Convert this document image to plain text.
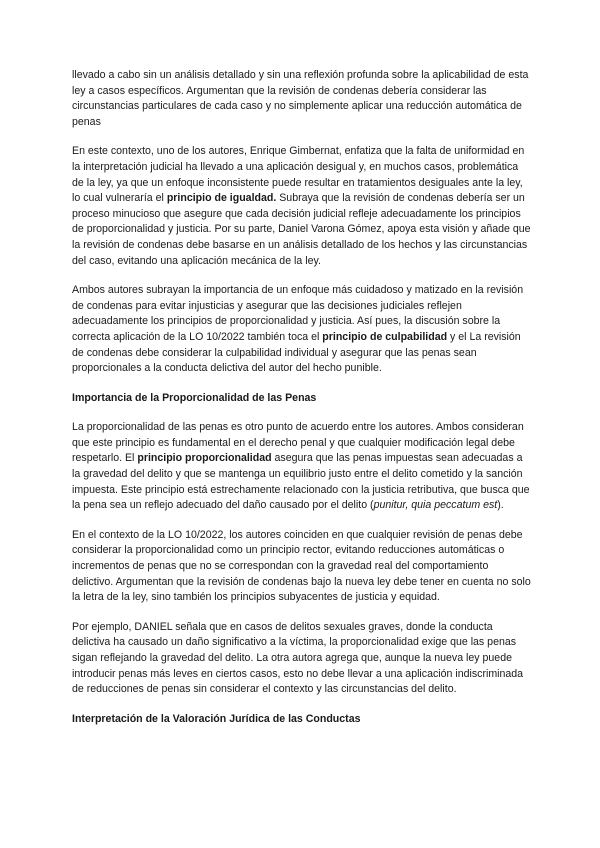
llevado a cabo sin un análisis detallado y sin una reflexión profunda sobre la aplicabilidad de esta ley a casos específicos. Argumentan que la revisión de condenas debería considerar las circunstancias particulares de cada caso y no simplemente aplicar una reducción automática de penas

En este contexto, uno de los autores, Enrique Gimbernat, enfatiza que la falta de uniformidad en la interpretación judicial ha llevado a una aplicación desigual y, en muchos casos, problemática de la ley, ya que un enfoque inconsistente puede resultar en tratamientos desiguales ante la ley, lo cual vulneraría el principio de igualdad. Subraya que la revisión de condenas debería ser un proceso minucioso que asegure que cada decisión judicial refleje adecuadamente los principios de proporcionalidad y justicia. Por su parte, Daniel Varona Gómez, apoya esta visión y añade que la revisión de condenas debe basarse en un análisis detallado de los hechos y las circunstancias del caso, evitando una aplicación mecánica de la ley.

Ambos autores subrayan la importancia de un enfoque más cuidadoso y matizado en la revisión de condenas para evitar injusticias y asegurar que las decisiones judiciales reflejen adecuadamente los principios de proporcionalidad y justicia. Así pues, la discusión sobre la correcta aplicación de la LO 10/2022 también toca el principio de culpabilidad y el La revisión de condenas debe considerar la culpabilidad individual y asegurar que las penas sean proporcionales a la conducta delictiva del autor del hecho punible.

Importancia de la Proporcionalidad de las Penas

La proporcionalidad de las penas es otro punto de acuerdo entre los autores. Ambos consideran que este principio es fundamental en el derecho penal y que cualquier modificación legal debe respetarlo. El principio proporcionalidad asegura que las penas impuestas sean adecuadas a la gravedad del delito y que se mantenga un equilibrio justo entre el delito cometido y la sanción impuesta. Este principio está estrechamente relacionado con la justicia retributiva, que busca que la pena sea un reflejo adecuado del daño causado por el delito (punitur, quia peccatum est).

En el contexto de la LO 10/2022, los autores coinciden en que cualquier revisión de penas debe considerar la proporcionalidad como un principio rector, evitando reducciones automáticas o incrementos de penas que no se correspondan con la gravedad real del comportamiento delictivo. Argumentan que la revisión de condenas bajo la nueva ley debe tener en cuenta no solo la letra de la ley, sino también los principios subyacentes de justicia y equidad.

Por ejemplo, DANIEL señala que en casos de delitos sexuales graves, donde la conducta delictiva ha causado un daño significativo a la víctima, la proporcionalidad exige que las penas sigan reflejando la gravedad del delito. La otra autora agrega que, aunque la nueva ley puede introducir penas más leves en ciertos casos, esto no debe llevar a una aplicación indiscriminada de reducciones de penas sin considerar el contexto y las circunstancias del delito.

Interpretación de la Valoración Jurídica de las Conductas
